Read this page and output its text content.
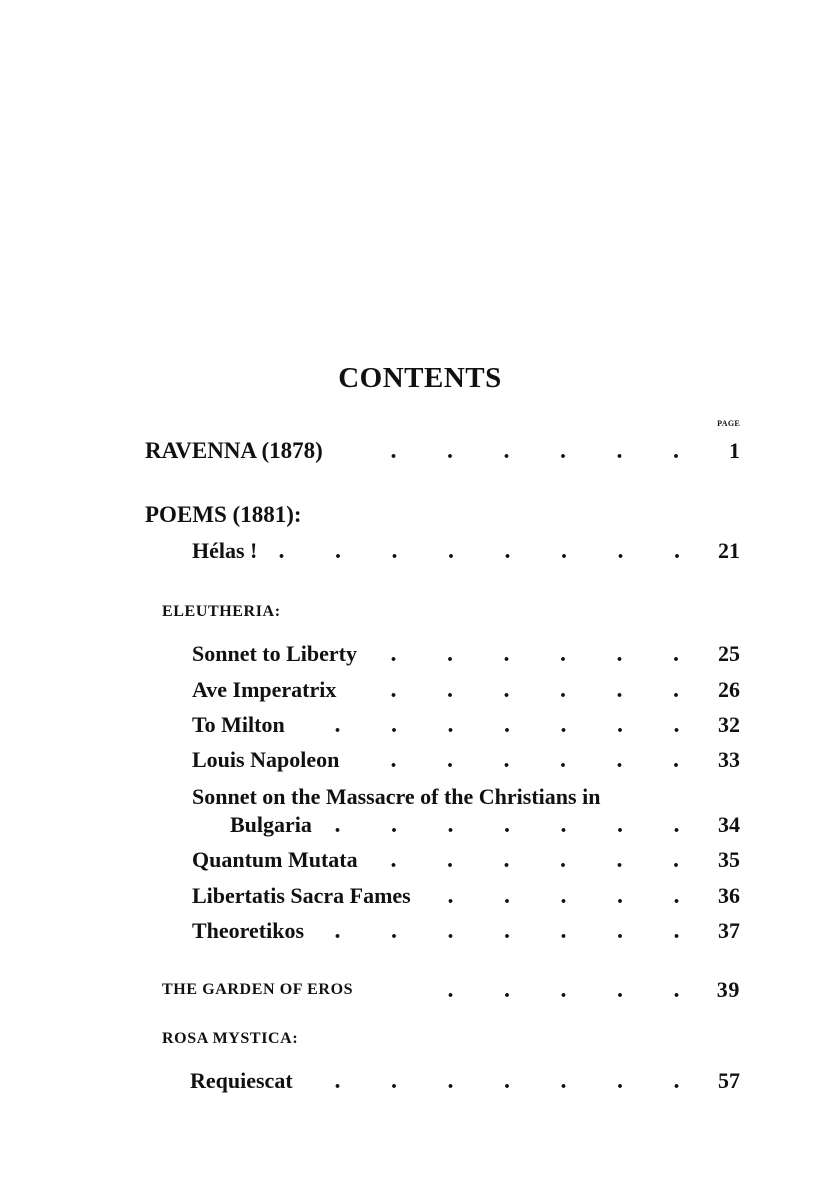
CONTENTS
PAGE
RAVENNA (1878)	. . . . . . 1
POEMS (1881):
Hélas ! . . . . . . . . 21
ELEUTHERIA:
Sonnet to Liberty	. . . . . . 25
Ave Imperatrix	. . . . . . 26
To Milton	. . . . . . . 32
Louis Napoleon	. . . . . . 33
Sonnet on the Massacre of the Christians in
Bulgaria . . . . . . . 34
Quantum Mutata	. . . . . . 35
Libertatis Sacra Fames	. . . . . 36
Theoretikos	. . . . . . . 37
THE GARDEN OF EROS	. . . . . 39
ROSA MYSTICA:
Requiescat	. . . . . . . 57
